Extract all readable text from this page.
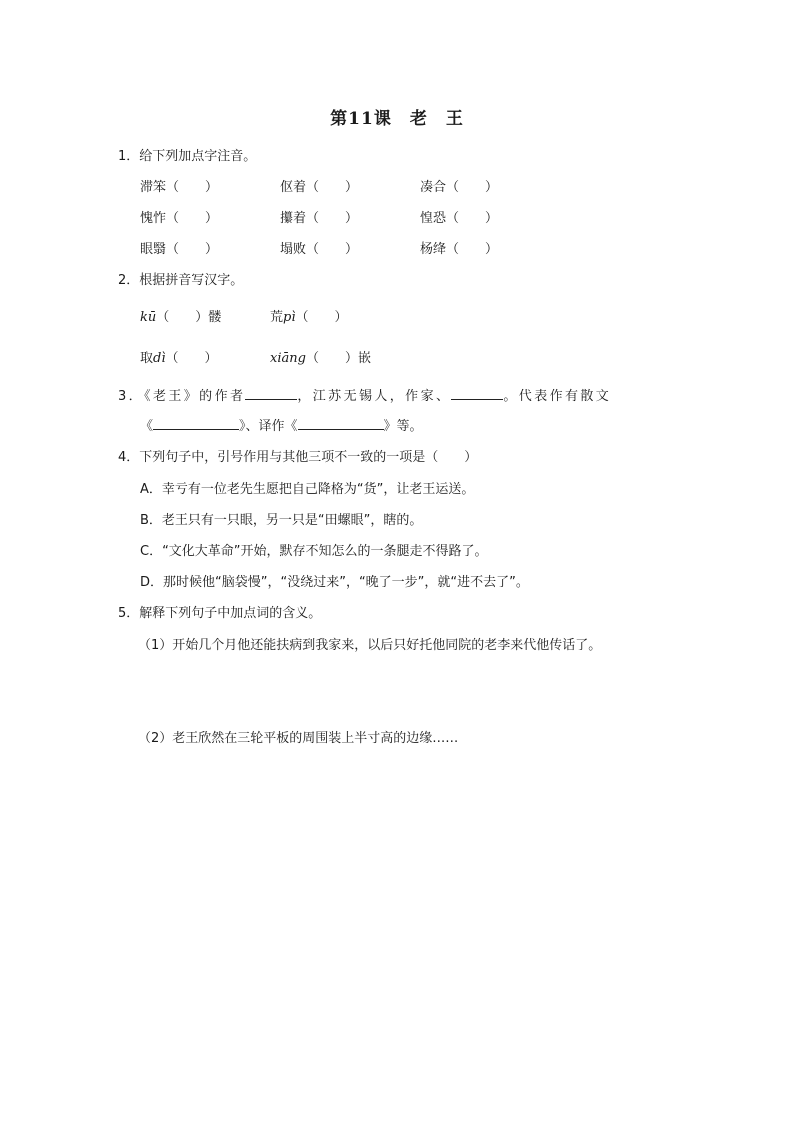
第11课　老　王
1．给下列加点字注音。
滞笨（　　）	伛着（　　）	凑合（　　）
愧怍（　　）	攥着（　　）	惶恐（　　）
眼翳（　　）	塌败（　　）	杨绛（　　）
2．根据拼音写汉字。
kū（　　）髅	荒pì（　　）
取dì（　　）	xiāng（　　）嵌
3．《老王》的作者	，江苏无锡人，作家、	。代表作有散文
《	》、译作《	》等。
4．下列句子中，引号作用与其他三项不一致的一项是（　　）
A．幸亏有一位老先生愿把自己降格为“货”，让老王运送。
B．老王只有一只眼，另一只是“田螺眼”，瞎的。
C．“文化大革命”开始，默存不知怎么的一条腿走不得路了。
D．那时候他“脑袋慢”，“没绕过来”，“晚了一步”，就“进不去了”。
5．解释下列句子中加点词的含义。
（1）开始几个月他还能扶病到我家来，以后只好托他同院的老李来代他传话了。
（2）老王欣然在三轮平板的周围装上半寸高的边缘……
